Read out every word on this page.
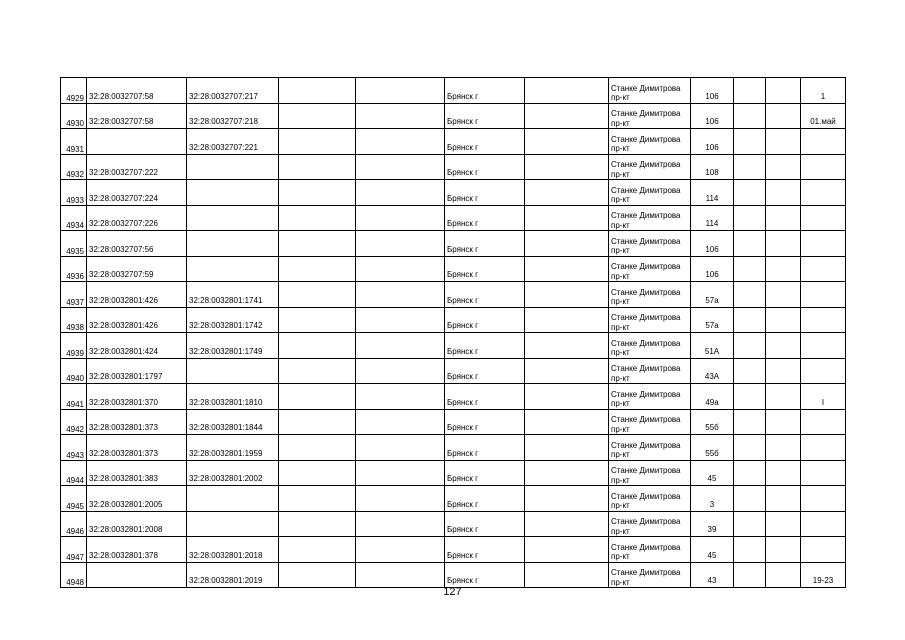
4929	32:28:0032707:58	32:28:0032707:217			Брянск г		Станке Димитрова пр-кт	106			1
4930	32:28:0032707:58	32:28:0032707:218			Брянск г		Станке Димитрова пр-кт	106			01.май
4931		32:28:0032707:221			Брянск г		Станке Димитрова пр-кт	106			
4932	32:28:0032707:222				Брянск г		Станке Димитрова пр-кт	108			
4933	32:28:0032707:224				Брянск г		Станке Димитрова пр-кт	114			
4934	32:28:0032707:226				Брянск г		Станке Димитрова пр-кт	114			
4935	32:28:0032707:56				Брянск г		Станке Димитрова пр-кт	106			
4936	32:28:0032707:59				Брянск г		Станке Димитрова пр-кт	106			
4937	32:28:0032801:426	32:28:0032801:1741			Брянск г		Станке Димитрова пр-кт	57а			
4938	32:28:0032801:426	32:28:0032801:1742			Брянск г		Станке Димитрова пр-кт	57а			
4939	32:28:0032801:424	32:28:0032801:1749			Брянск г		Станке Димитрова пр-кт	51А			
4940	32:28:0032801:1797				Брянск г		Станке Димитрова пр-кт	43А			
4941	32:28:0032801:370	32:28:0032801:1810			Брянск г		Станке Димитрова пр-кт	49а			I
4942	32:28:0032801:373	32:28:0032801:1844			Брянск г		Станке Димитрова пр-кт	55б			
4943	32:28:0032801:373	32:28:0032801:1959			Брянск г		Станке Димитрова пр-кт	55б			
4944	32:28:0032801:383	32:28:0032801:2002			Брянск г		Станке Димитрова пр-кт	45			
4945	32:28:0032801:2005				Брянск г		Станке Димитрова пр-кт	3			
4946	32:28:0032801:2008				Брянск г		Станке Димитрова пр-кт	39			
4947	32:28:0032801:378	32:28:0032801:2018			Брянск г		Станке Димитрова пр-кт	45			
4948		32:28:0032801:2019			Брянск г		Станке Димитрова пр-кт	43			19-23
127
